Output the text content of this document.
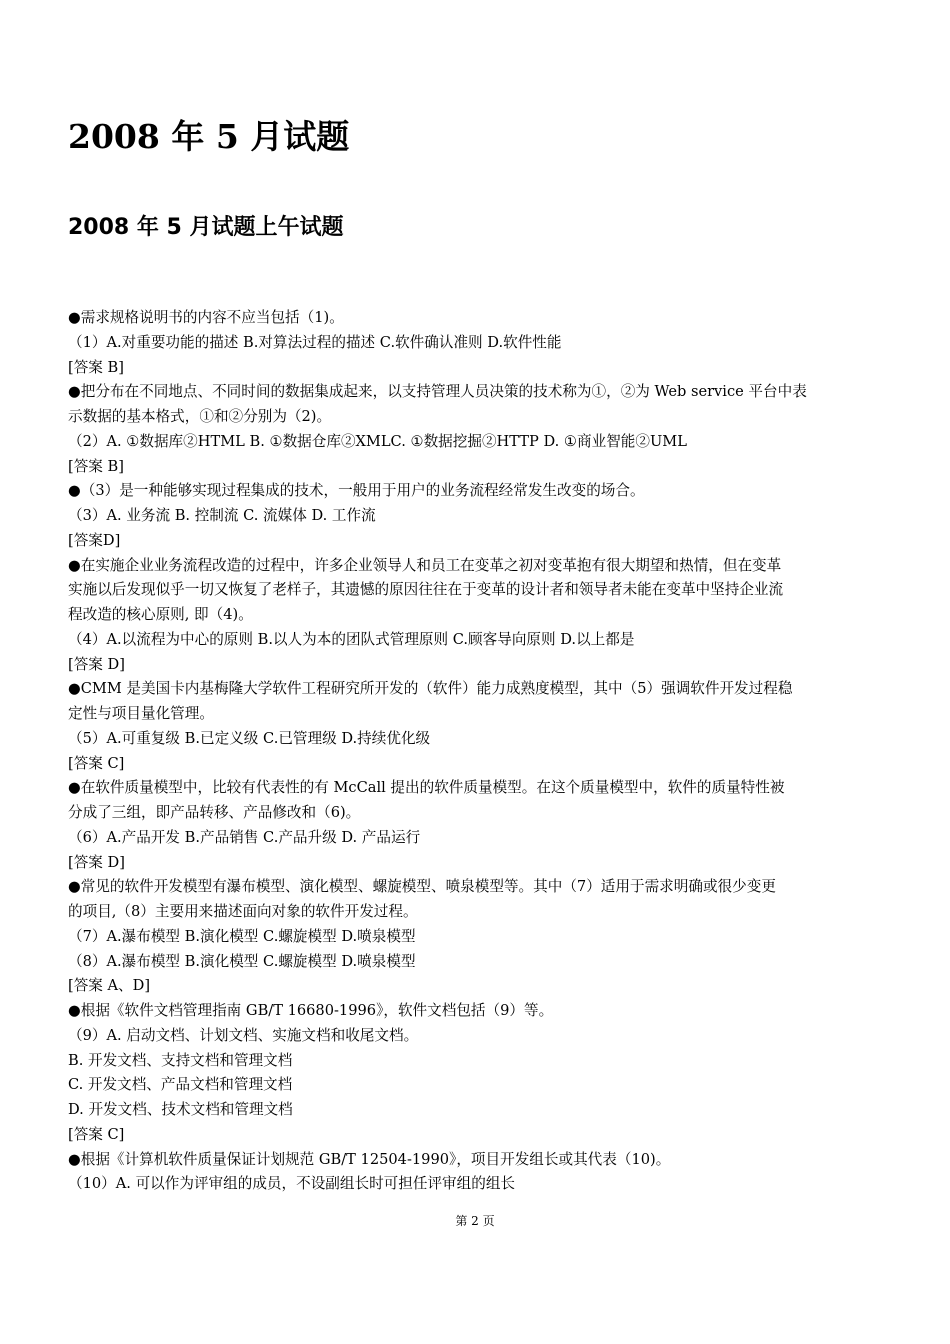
2008 年 5 月试题
2008 年 5 月试题上午试题
●需求规格说明书的内容不应当包括（1)。
（1）A.对重要功能的描述 B.对算法过程的描述 C.软件确认准则 D.软件性能
[答案 B]
●把分布在不同地点、不同时间的数据集成起来，以支持管理人员决策的技术称为①，②为 Web service 平台中表
示数据的基本格式，①和②分别为（2)。
（2）A. ①数据库②HTML B. ①数据仓库②XMLC. ①数据挖掘②HTTP D. ①商业智能②UML
[答案 B]
●（3）是一种能够实现过程集成的技术，一般用于用户的业务流程经常发生改变的场合。
（3）A. 业务流 B. 控制流 C. 流媒体 D. 工作流
[答案D]
●在实施企业业务流程改造的过程中，许多企业领导人和员工在变革之初对变革抱有很大期望和热情，但在变革
实施以后发现似乎一切又恢复了老样子，其遗憾的原因往往在于变革的设计者和领导者未能在变革中坚持企业流
程改造的核心原则, 即（4)。
（4）A.以流程为中心的原则 B.以人为本的团队式管理原则 C.顾客导向原则 D.以上都是
[答案 D]
●CMM 是美国卡内基梅隆大学软件工程研究所开发的（软件）能力成熟度模型，其中（5）强调软件开发过程稳
定性与项目量化管理。
（5）A.可重复级 B.已定义级 C.已管理级 D.持续优化级
[答案 C]
●在软件质量模型中，比较有代表性的有 McCall 提出的软件质量模型。在这个质量模型中，软件的质量特性被
分成了三组，即产品转移、产品修改和（6)。
（6）A.产品开发 B.产品销售 C.产品升级 D. 产品运行
[答案 D]
●常见的软件开发模型有瀑布模型、演化模型、螺旋模型、喷泉模型等。其中（7）适用于需求明确或很少变更
的项目,（8）主要用来描述面向对象的软件开发过程。
（7）A.瀑布模型 B.演化模型 C.螺旋模型 D.喷泉模型
（8）A.瀑布模型 B.演化模型 C.螺旋模型 D.喷泉模型
[答案 A、D]
●根据《软件文档管理指南 GB/T 16680-1996》，软件文档包括（9）等。
（9）A. 启动文档、计划文档、实施文档和收尾文档。
B. 开发文档、支持文档和管理文档
C. 开发文档、产品文档和管理文档
D. 开发文档、技术文档和管理文档
[答案 C]
●根据《计算机软件质量保证计划规范 GB/T 12504-1990》，项目开发组长或其代表（10)。
（10）A. 可以作为评审组的成员，不设副组长时可担任评审组的组长
第 2 页
